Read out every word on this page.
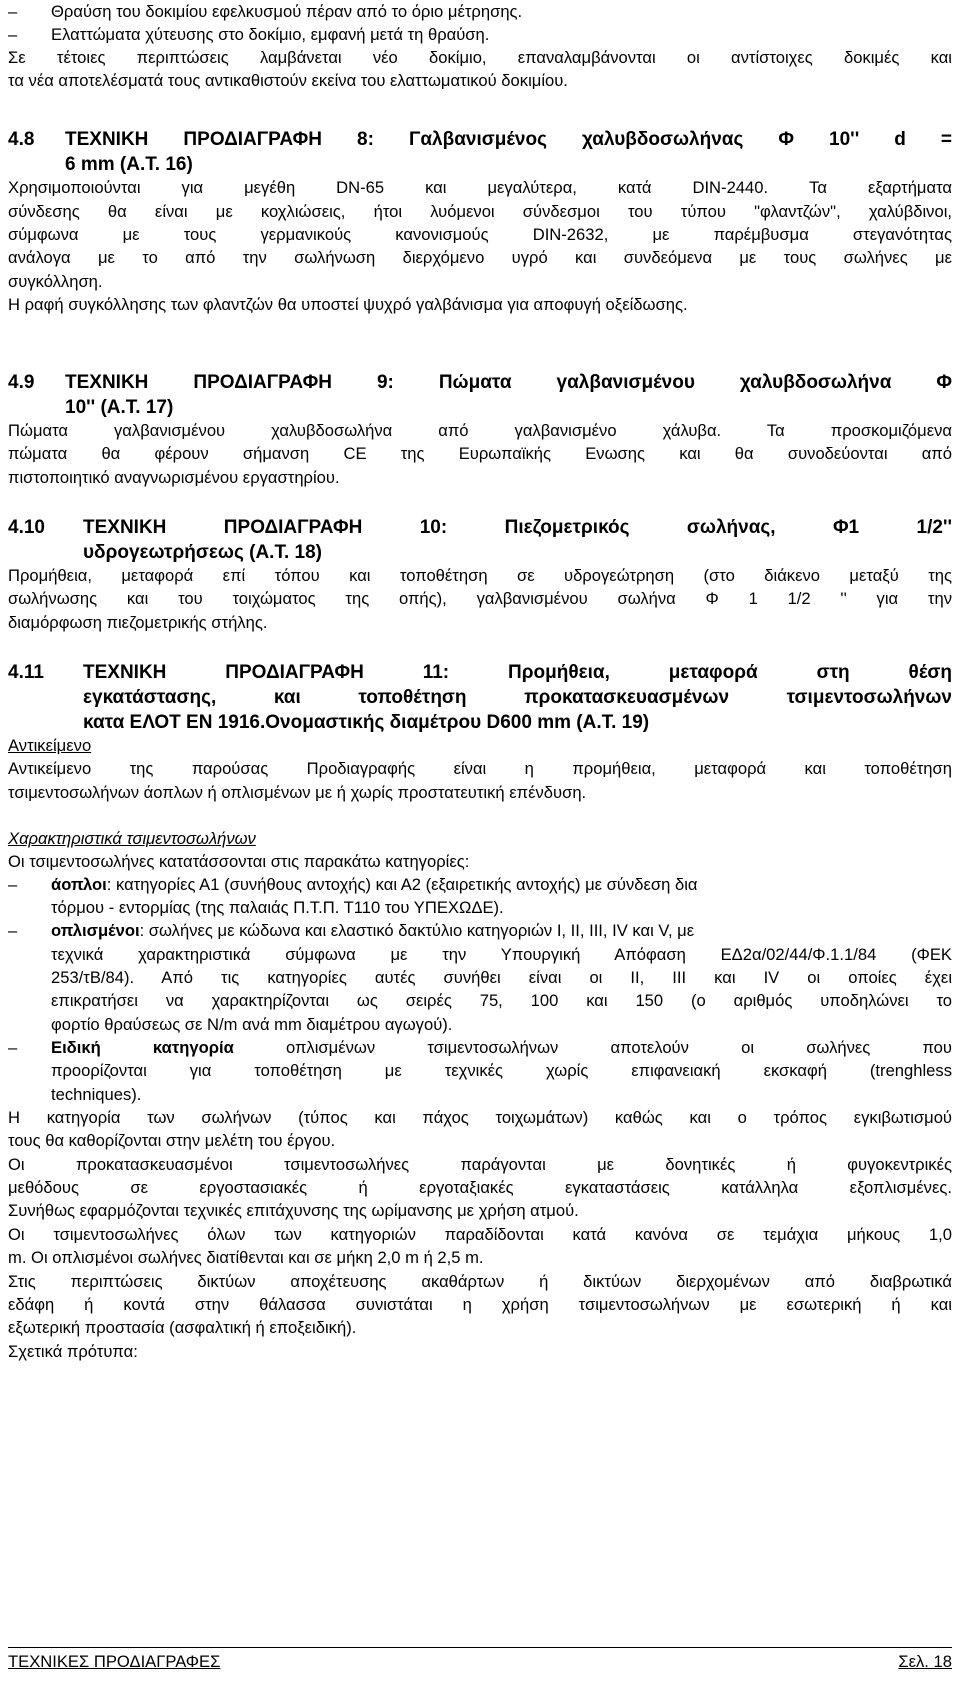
–	Θραύση του δοκιμίου εφελκυσμού πέραν από το όριο μέτρησης.
–	Ελαττώματα χύτευσης στο δοκίμιο, εμφανή μετά τη θραύση.
Σε τέτοιες περιπτώσεις λαμβάνεται νέο δοκίμιο, επαναλαμβάνονται οι αντίστοιχες δοκιμές και
τα νέα αποτελέσματά τους αντικαθιστούν εκείνα του ελαττωματικού δοκιμίου.
4.8 ΤΕΧΝΙΚΗ ΠΡΟΔΙΑΓΡΑΦΗ 8: Γαλβανισμένος χαλυβδοσωλήνας Φ 10'' d =
6 mm (Α.Τ. 16)
Χρησιμοποιούνται για μεγέθη DN-65 και μεγαλύτερα, κατά DIN-2440. Τα εξαρτήματα
σύνδεσης θα είναι με κοχλιώσεις, ήτοι λυόμενοι σύνδεσμοι του τύπου "φλαντζών", χαλύβδινοι,
σύμφωνα με τους γερμανικούς κανονισμούς DIN-2632, με παρέμβυσμα στεγανότητας
ανάλογα με το από την σωλήνωση διερχόμενο υγρό και συνδεόμενα με τους σωλήνες με
συγκόλληση.
Η ραφή συγκόλλησης των φλαντζών θα υποστεί ψυχρό γαλβάνισμα για αποφυγή οξείδωσης.
4.9 ΤΕΧΝΙΚΗ ΠΡΟΔΙΑΓΡΑΦΗ 9: Πώματα γαλβανισμένου χαλυβδοσωλήνα Φ
10'' (Α.Τ. 17)
Πώματα γαλβανισμένου χαλυβδοσωλήνα από γαλβανισμένο χάλυβα. Τα προσκομιζόμενα
πώματα θα φέρουν σήμανση CE της Ευρωπαϊκής Ενωσης και θα συνοδεύονται από
πιστοποιητικό αναγνωρισμένου εργαστηρίου.
4.10 ΤΕΧΝΙΚΗ ΠΡΟΔΙΑΓΡΑΦΗ 10: Πιεζομετρικός σωλήνας, Φ1 1/2''
υδρογεωτρήσεως (Α.Τ. 18)
Προμήθεια, μεταφορά επί τόπου και τοποθέτηση σε υδρογεώτρηση (στο διάκενο μεταξύ της
σωλήνωσης και του τοιχώματος της οπής), γαλβανισμένου σωλήνα Φ 1 1/2 '' για την
διαμόρφωση πιεζομετρικής στήλης.
4.11 ΤΕΧΝΙΚΗ ΠΡΟΔΙΑΓΡΑΦΗ 11: Προμήθεια, μεταφορά στη θέση
εγκατάστασης, και τοποθέτηση προκατασκευασμένων τσιμεντοσωλήνων
κατα ΕΛΟΤ ΕΝ 1916.Ονομαστικής διαμέτρου D600 mm (Α.Τ. 19)
Αντικείμενο
Αντικείμενο της παρούσας Προδιαγραφής είναι η προμήθεια, μεταφορά και τοποθέτηση
τσιμεντοσωλήνων άοπλων ή οπλισμένων με ή χωρίς προστατευτική επένδυση.
Χαρακτηριστικά τσιμεντοσωλήνων
Οι τσιμεντοσωλήνες κατατάσσονται στις παρακάτω κατηγορίες:
–	άοπλοι: κατηγορίες Α1 (συνήθους αντοχής) και Α2 (εξαιρετικής αντοχής) με σύνδεση δια
τόρμου - εντορμίας (της παλαιάς Π.Τ.Π. Τ110 του ΥΠΕΧΩΔΕ).
–	οπλισμένοι: σωλήνες με κώδωνα και ελαστικό δακτύλιο κατηγοριών Ι, ΙΙ, ΙΙΙ, IV και V, με
τεχνικά χαρακτηριστικά σύμφωνα με την Υπουργική Απόφαση ΕΔ2α/02/44/Φ.1.1/84 (ΦΕΚ
253/τΒ/84). Από τις κατηγορίες αυτές συνήθει είναι οι ΙΙ, ΙΙΙ και IV οι οποίες έχει
επικρατήσει να χαρακτηρίζονται ως σειρές 75, 100 και 150 (ο αριθμός υποδηλώνει το
φορτίο θραύσεως σε N/m ανά mm διαμέτρου αγωγού).
–	Ειδική κατηγορία οπλισμένων τσιμεντοσωλήνων αποτελούν οι σωλήνες που
προορίζονται για τοποθέτηση με τεχνικές χωρίς επιφανειακή εκσκαφή (trenghless
techniques).
Η κατηγορία των σωλήνων (τύπος και πάχος τοιχωμάτων) καθώς και ο τρόπος εγκιβωτισμού
τους θα καθορίζονται στην μελέτη του έργου.
Οι προκατασκευασμένοι τσιμεντοσωλήνες παράγονται με δονητικές ή φυγοκεντρικές
μεθόδους σε εργοστασιακές ή εργοταξιακές εγκαταστάσεις κατάλληλα εξοπλισμένες.
Συνήθως εφαρμόζονται τεχνικές επιτάχυνσης της ωρίμανσης με χρήση ατμού.
Οι τσιμεντοσωλήνες όλων των κατηγοριών παραδίδονται κατά κανόνα σε τεμάχια μήκους 1,0
m. Οι οπλισμένοι σωλήνες διατίθενται και σε μήκη 2,0 m ή 2,5 m.
Στις περιπτώσεις δικτύων αποχέτευσης ακαθάρτων ή δικτύων διερχομένων από διαβρωτικά
εδάφη ή κοντά στην θάλασσα συνιστάται η χρήση τσιμεντοσωλήνων με εσωτερική ή και
εξωτερική προστασία (ασφαλτική ή εποξειδική).
Σχετικά πρότυπα:
ΤΕΧΝΙΚΕΣ ΠΡΟΔΙΑΓΡΑΦΕΣ	Σελ. 18
